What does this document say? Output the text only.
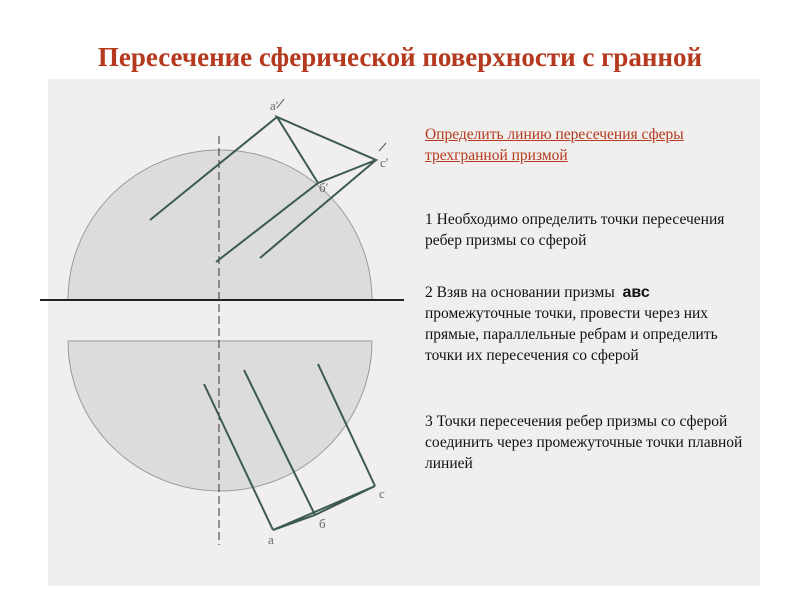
Пересечение сферической поверхности с гранной
а′
б′
с′
а
б
с
Определить линию пересечения сферы трехгранной призмой
1 Необходимо определить точки пересечения ребер призмы со сферой
2 Взяв на основании призмы  авс промежуточные точки, провести через них прямые, параллельные ребрам и определить точки их пересечения со сферой
3 Точки пересечения ребер призмы со сферой соединить через промежуточные точки плавной линией
